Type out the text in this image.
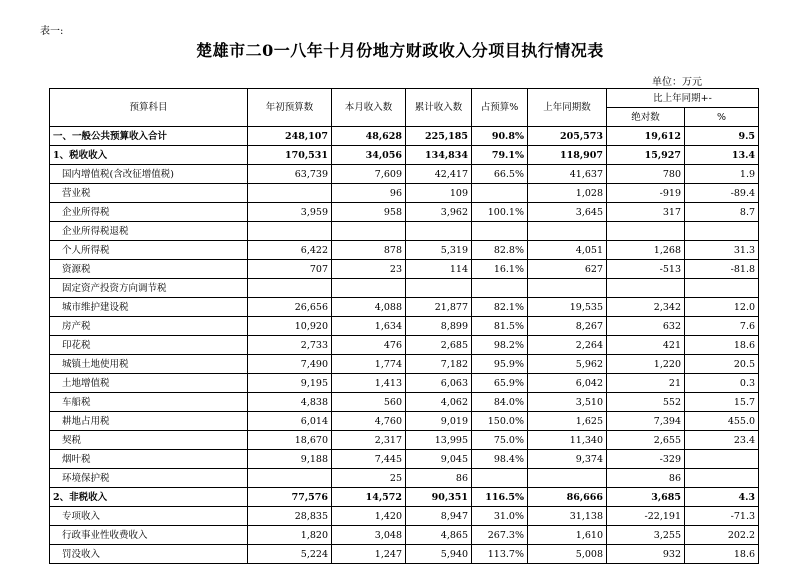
表一:
楚雄市二0一八年十月份地方财政收入分项目执行情况表
单位：万元
预算科目	年初预算数	本月收入数	累计收入数	占预算%	上年同期数	比上年同期+-	
						绝对数	%
一、一般公共预算收入合计	248,107	48,628	225,185	90.8%	205,573	19,612	9.5
1、税收收入	170,531	34,056	134,834	79.1%	118,907	15,927	13.4
国内增值税(含改征增值税)	63,739	7,609	42,417	66.5%	41,637	780	1.9
营业税		96	109		1,028	-919	-89.4
企业所得税	3,959	958	3,962	100.1%	3,645	317	8.7
企业所得税退税							
个人所得税	6,422	878	5,319	82.8%	4,051	1,268	31.3
资源税	707	23	114	16.1%	627	-513	-81.8
固定资产投资方向调节税							
城市维护建设税	26,656	4,088	21,877	82.1%	19,535	2,342	12.0
房产税	10,920	1,634	8,899	81.5%	8,267	632	7.6
印花税	2,733	476	2,685	98.2%	2,264	421	18.6
城镇土地使用税	7,490	1,774	7,182	95.9%	5,962	1,220	20.5
土地增值税	9,195	1,413	6,063	65.9%	6,042	21	0.3
车船税	4,838	560	4,062	84.0%	3,510	552	15.7
耕地占用税	6,014	4,760	9,019	150.0%	1,625	7,394	455.0
契税	18,670	2,317	13,995	75.0%	11,340	2,655	23.4
烟叶税	9,188	7,445	9,045	98.4%	9,374	-329	
环境保护税		25	86			86	
2、非税收入	77,576	14,572	90,351	116.5%	86,666	3,685	4.3
专项收入	28,835	1,420	8,947	31.0%	31,138	-22,191	-71.3
行政事业性收费收入	1,820	3,048	4,865	267.3%	1,610	3,255	202.2
罚没收入	5,224	1,247	5,940	113.7%	5,008	932	18.6
